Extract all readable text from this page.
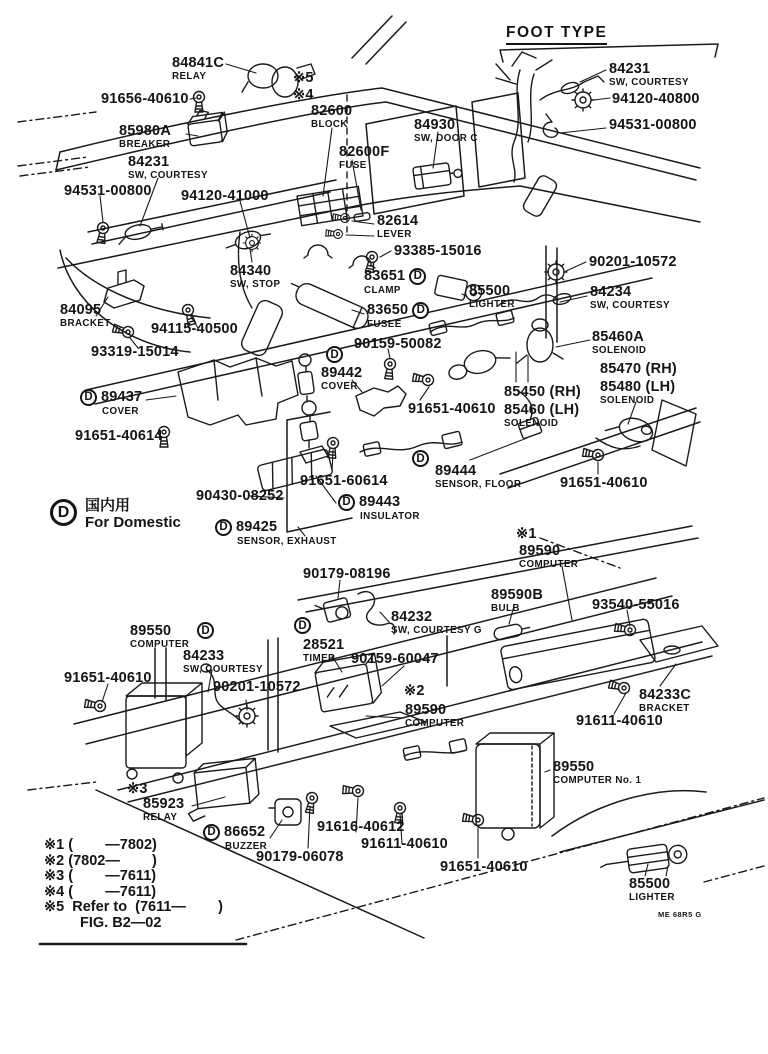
FOOT TYPE
D	国内用
For Domestic
※1 (        —7802)
※2 (7802—        )
※3 (        —7611)
※4 (        —7611)
※5  Refer to  (7611—        )
FIG. B2—02
84841C
RELAY	※5
※4
91656-40610
82600
BLOCK	84930
SW, DOOR C
85980A
BREAKER	82600F
FUSE
84231
SW, COURTESY
94531-00800 94120-41000
82614
LEVER
93385-15016
83651 D
CLAMP
84340
SW, STOP	85500
LIGHTER
83650 D
FUSEE
90159-50082
84095
BRACKET	94115-40500
93319-15014
D 89437
COVER
91651-40614
89442
COVER
91651-40610
89444
SENSOR, FLOOR
91651-60614
D 89443
INSULATOR
90430-08252
D 89425
SENSOR, EXHAUST	※1
89590
COMPUTER
90179-08196
89590B
BULB	93540-55016
84232
SW, COURTESY G
89550
COMPUTER	28521
TIMER	90159-60047
84233
SW, COURTESY
91651-40610
90201-10572	※2	84233C
BRACKET
89590
COMPUTER	91611-40610
89550
COMPUTER No. 1
※3
85923
RELAY
D 86652
BUZZER
91616-40612
91611-40610
90179-06078
91651-40610
85500
LIGHTER
ME 68R5 G
84231
SW, COURTESY
94120-40800
94531-00800
90201-10572
84234
SW, COURTESY
85460A
SOLENOID
85470 (RH)
85480 (LH)
SOLENOID
85450 (RH)
85460 (LH)
SOLENOID
91651-40610
D
D
D	D
